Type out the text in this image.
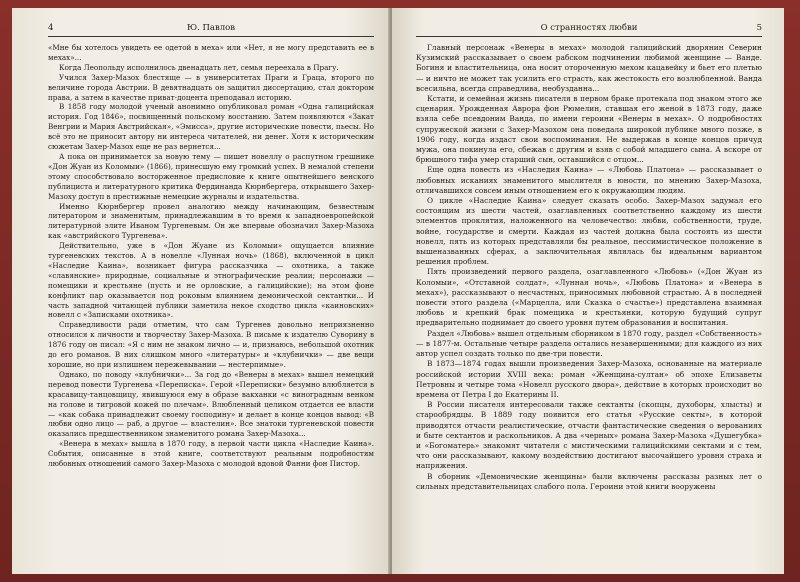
4	Ю. Павлов

«Мне бы хотелось увидеть ее одетой в меха» или «Нет, я не могу представить ее в мехах»...

Когда Леопольду исполнилось двенадцать лет, семья переехала в Прагу.

Учился Захер-Мазох блестяще — в университетах Праги и Граца, второго по величине города Австрии. В девятнадцать он защитил диссертацию, стал доктором права, а затем в качестве приват-доцента преподавал историю.

В 1858 году молодой ученый анонимно опубликовал роман «Одна галицийская история. Год 1846», посвященный польскому восстанию. Затем появляются «Закат Венгрии и Мария Австрийская», «Эмисса», другие исторические повести, пьесы. Но всё это не приносит автору ни интереса читателей, ни денег. Хотя к историческим сюжетам Захер-Мазох еще не раз вернется...

А пока он принимается за новую тему — пишет новеллу о распутном грешнике «Дон Жуан из Коломыи» (1866), принесшую ему громкий успех. В немалой степени этому способствовало восторженное предисловие к книге опытнейшего венского публициста и литературного критика Фердинанда Кюрнбергера, открывшего Захер-Мазоху доступ в престижные немецкие журналы и издательства.

Именно Кюрнбергер провел аналогию между начинающим, безвестным литератором и знаменитым, принадлежавшим в то время к западноевропейской литературной элите Иваном Тургеневым. Он же впервые обозначил Захер-Мазоха как «австрийского Тургенева».

Действительно, уже в «Дон Жуане из Коломыи» ощущается влияние тургеневских текстов. А в новелле «Лунная ночь» (1868), включенной в цикл «Наследие Каина», возникает фигура рассказчика — охотника, а также «славянские» природные, социальные и этнографические реалии; персонажи — помещики и крестьяне (пусть и не орловские, а галицийские); на этом фоне конфликт пар оказывается под роковым влиянием демонической сектантки... И часть западной читающей публики заметила некое сходство цикла «каиновских» новелл с «Записками охотника».

Справедливости ради отметим, что сам Тургенев довольно неприязненно относился к личности и творчеству Захер-Мазоха. В письме к издателю Суворину в 1876 году он писал: «Я с ним не знаком лично — и, признаюсь, небольшой охотник до его романов. В них слишком много «литературы» и «клубнички» — две вещи хорошие, но при излишнем пережевывании — нестерпимые».

Однако, по поводу «клубнички»... За год до «Венеры в мехах» вышел немецкий перевод повести Тургенева «Переписка». Герой «Переписки» безумно влюбляется в красавицу-танцовщицу, явившуюся ему в образе вакханки «с виноградным венком на голове и тигровой кожей по плечам». Влюбленный целиком отдается ее власти — «как собака принадлежит своему господину» и делает в конце концов вывод: «В любви одно лицо — раб, а другое — властелин». Все знатоки тургеневской повести оказались предшественником знаменитого романа Захер-Мазоха...

«Венера в мехах» вышла в 1870 году, в первой части цикла «Наследие Каина». События, описанные в этой книге, соответствуют реальным подробностям любовных отношений самого Захер-Мазоха с молодой вдовой Фанни фон Пистор.

О странностях любви	5

Главный персонаж «Венеры в мехах» молодой галицийский дворянин Северин Кузимский рассказывает о своем рабском подчинении любимой женщине — Ванде. Богиня и властительница, она носит отороченную мехом кацавейку и бьет его плетью — и ничто не может так усилить его страсть, как жестокость его возлюбленной. Ванда всесильна, всегда справедлива, необузданна...

Кстати, и семейная жизнь писателя в первом браке протекала под знаком этого же сценария. Урожденная Аврора фон Рюмелин, ставшая его женой в 1873 году, даже взяла себе псевдоним Ванда, по имени героини «Венеры в мехах». О подробностях супружеской жизни с Захер-Мазохом она поведала широкой публике много позже, в 1906 году, когда издаст свои воспоминания. Не выдержав в конце концов причуд мужа, она покинула его, сбежав с другим и взяв с собой младшего сына. А вскоре от брюшного тифа умер старший сын, оставшийся с отцом...

Еще одна повесть из «Наследия Каина» — «Любовь Платона» — рассказывает о любовных исканиях знаменитого мыслителя в юности, по мнению Захер-Мазоха, отличавшихся совсем иным отношением его к окружающим людям.

О цикле «Наследие Каина» следует сказать особо. Захер-Мазох задумал его состоящим из шести частей, озаглавленных соответственно каждому из шести элементов проклятия, наложенного на человечество: любви, собственности, труде, войне, государстве и смерти. Каждая из частей должна была состоять из шести новелл, пять из которых представляли бы реальное, пессимистическое положение в вышеназванных сферах, а заключительная являлась бы идеальным вариантом решения проблем.

Пять произведений первого раздела, озаглавленного «Любовь» («Дон Жуан из Коломыи», «Отставной солдат», «Лунная ночь», «Любовь Платона» и «Венера в мехах»), рассказывают о несчастных, приносимых любовной страстью. А в последней повести этого раздела («Марцелла, или Сказка о счастье») представлена взаимная любовь и крепкий брак помещика и крестьянки, которую будущий супруг предварительно поднимает до своего уровня путем образования и воспитания.

Раздел «Любовь» вышел отдельным сборником в 1870 году, раздел «Собственность» — в 1877-м. Остальные четыре раздела остались незавершенными; для каждого из них автор успел создать только по две-три повести.

В 1873—1874 годах вышли произведения Захер-Мазоха, основанные на материале российской истории XVIII века: роман «Женщина-султан» об эпохе Елизаветы Петровны и четыре тома «Новелл русского двора», действие в которых происходит во времена от Петра I до Екатерины II.

В России писателя интересовали также сектанты (скопцы, духоборы, хлысты) и старообрядцы. В 1889 году появится его статья «Русские секты», в которой приводятся отчасти реалистические, отчасти фантастические сведения о верованиях и быте сектантов и раскольников. А два «черных» романа Захер-Мазоха «Душегубка» и «Богоматерь» знакомят читателя с мистическими галицийскими сектами и с тем, что они рассказывают, какому воздействию достигают высочайшего уровня страха и напряжения.

В сборник «Демонические женщины» были включены рассказы разных лет о сильных представительницах слабого пола. Героини этой книги вооружены
